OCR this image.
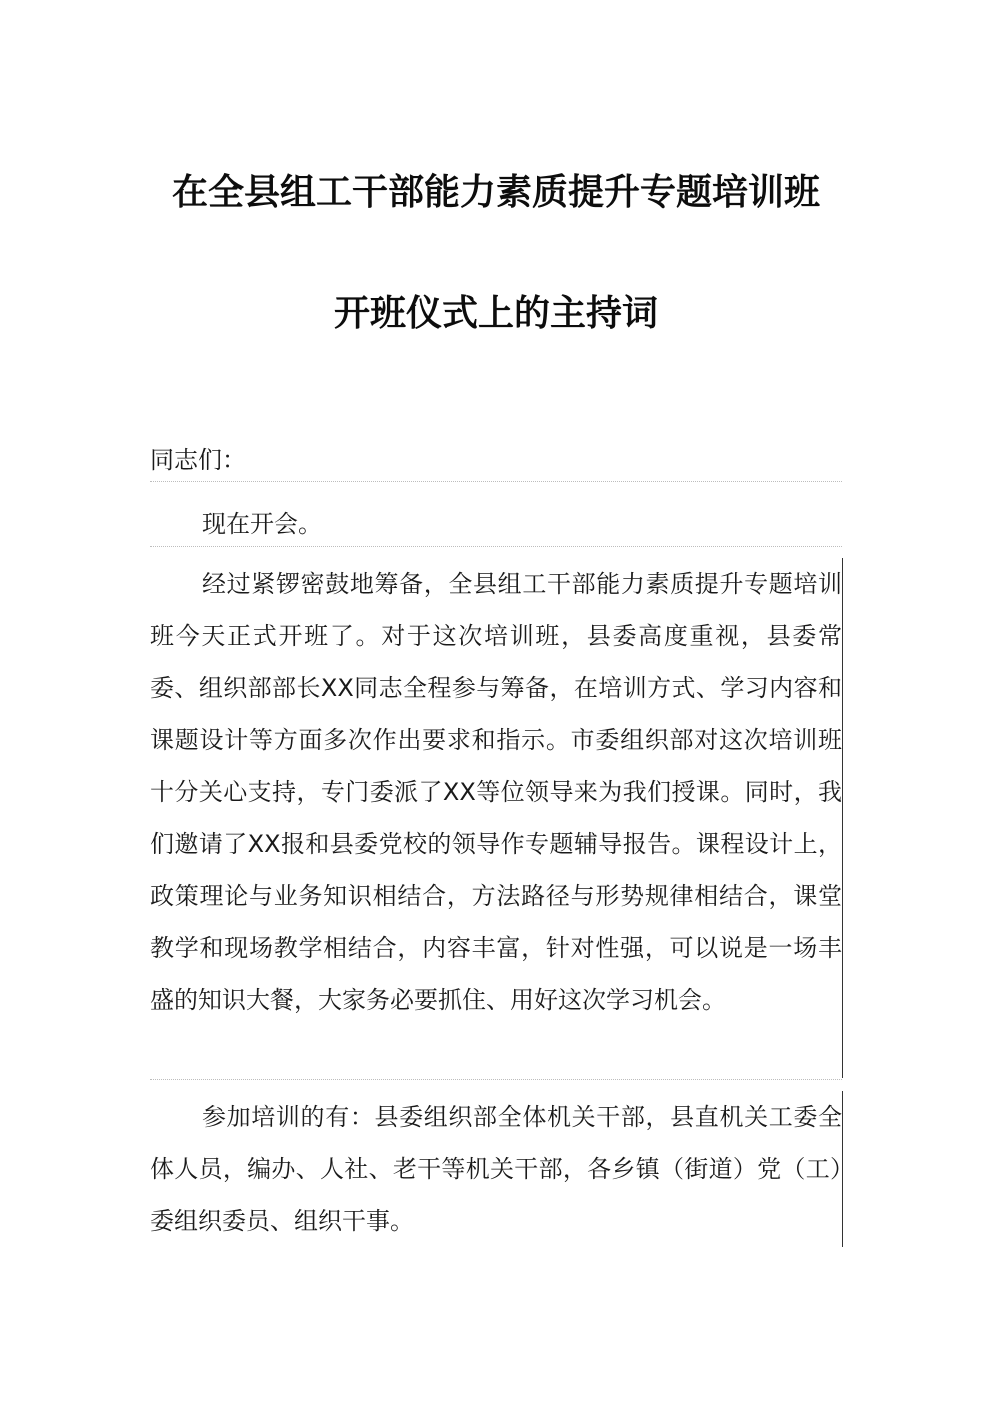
在全县组工干部能力素质提升专题培训班
开班仪式上的主持词
同志们：
现在开会。
经过紧锣密鼓地筹备，全县组工干部能力素质提升专题培训班今天正式开班了。对于这次培训班，县委高度重视，县委常委、组织部部长XX同志全程参与筹备，在培训方式、学习内容和课题设计等方面多次作出要求和指示。市委组织部对这次培训班十分关心支持，专门委派了XX等位领导来为我们授课。同时，我们邀请了XX报和县委党校的领导作专题辅导报告。课程设计上，政策理论与业务知识相结合，方法路径与形势规律相结合，课堂教学和现场教学相结合，内容丰富，针对性强，可以说是一场丰盛的知识大餐，大家务必要抓住、用好这次学习机会。
参加培训的有：县委组织部全体机关干部，县直机关工委全体人员，编办、人社、老干等机关干部，各乡镇（街道）党（工）委组织委员、组织干事。
